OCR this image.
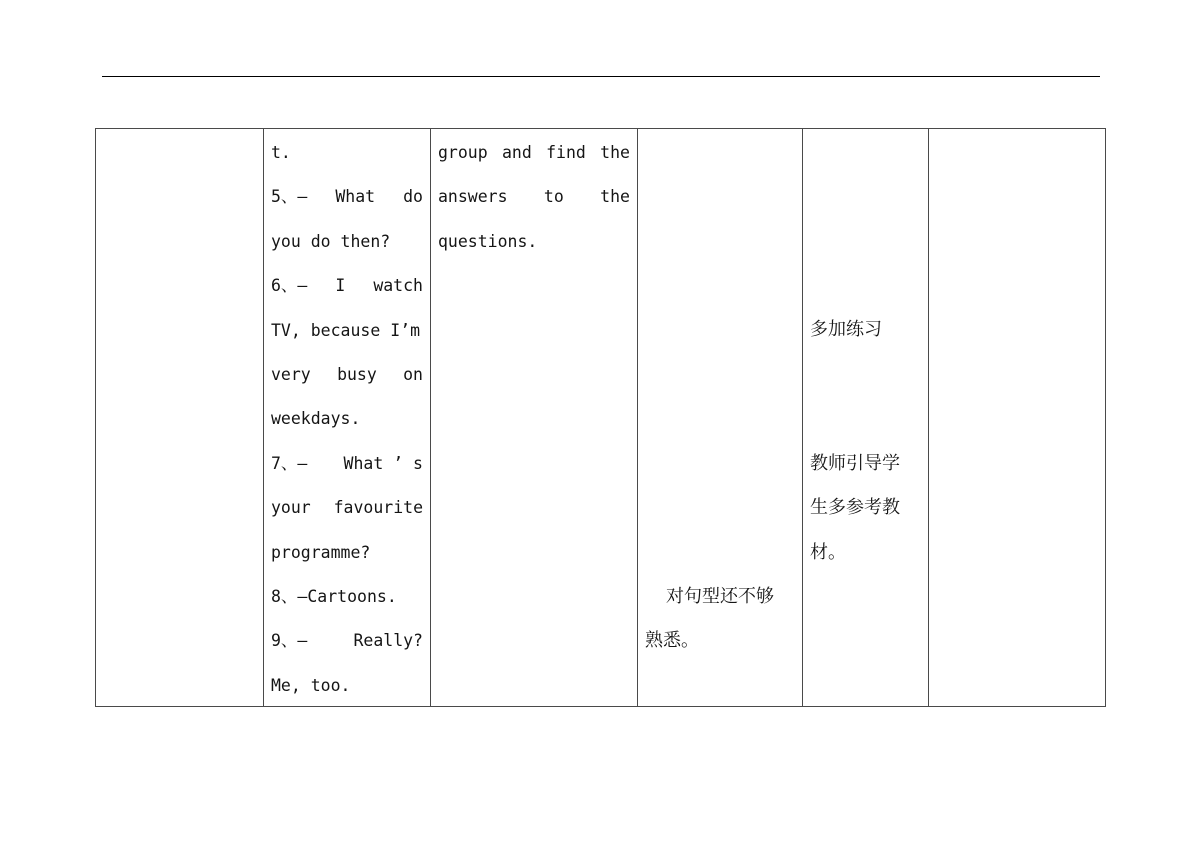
t.
5、— What do
you do then?
6、— I watch
TV, because I’m
very busy on
weekdays.
7、— What ’ s
your favourite
programme?
8、—Cartoons.
9、—	Really?
Me, too.
group and find the
answers to the
questions.
对句型还不够
熟悉。
多加练习
教师引导学
生多参考教
材。
